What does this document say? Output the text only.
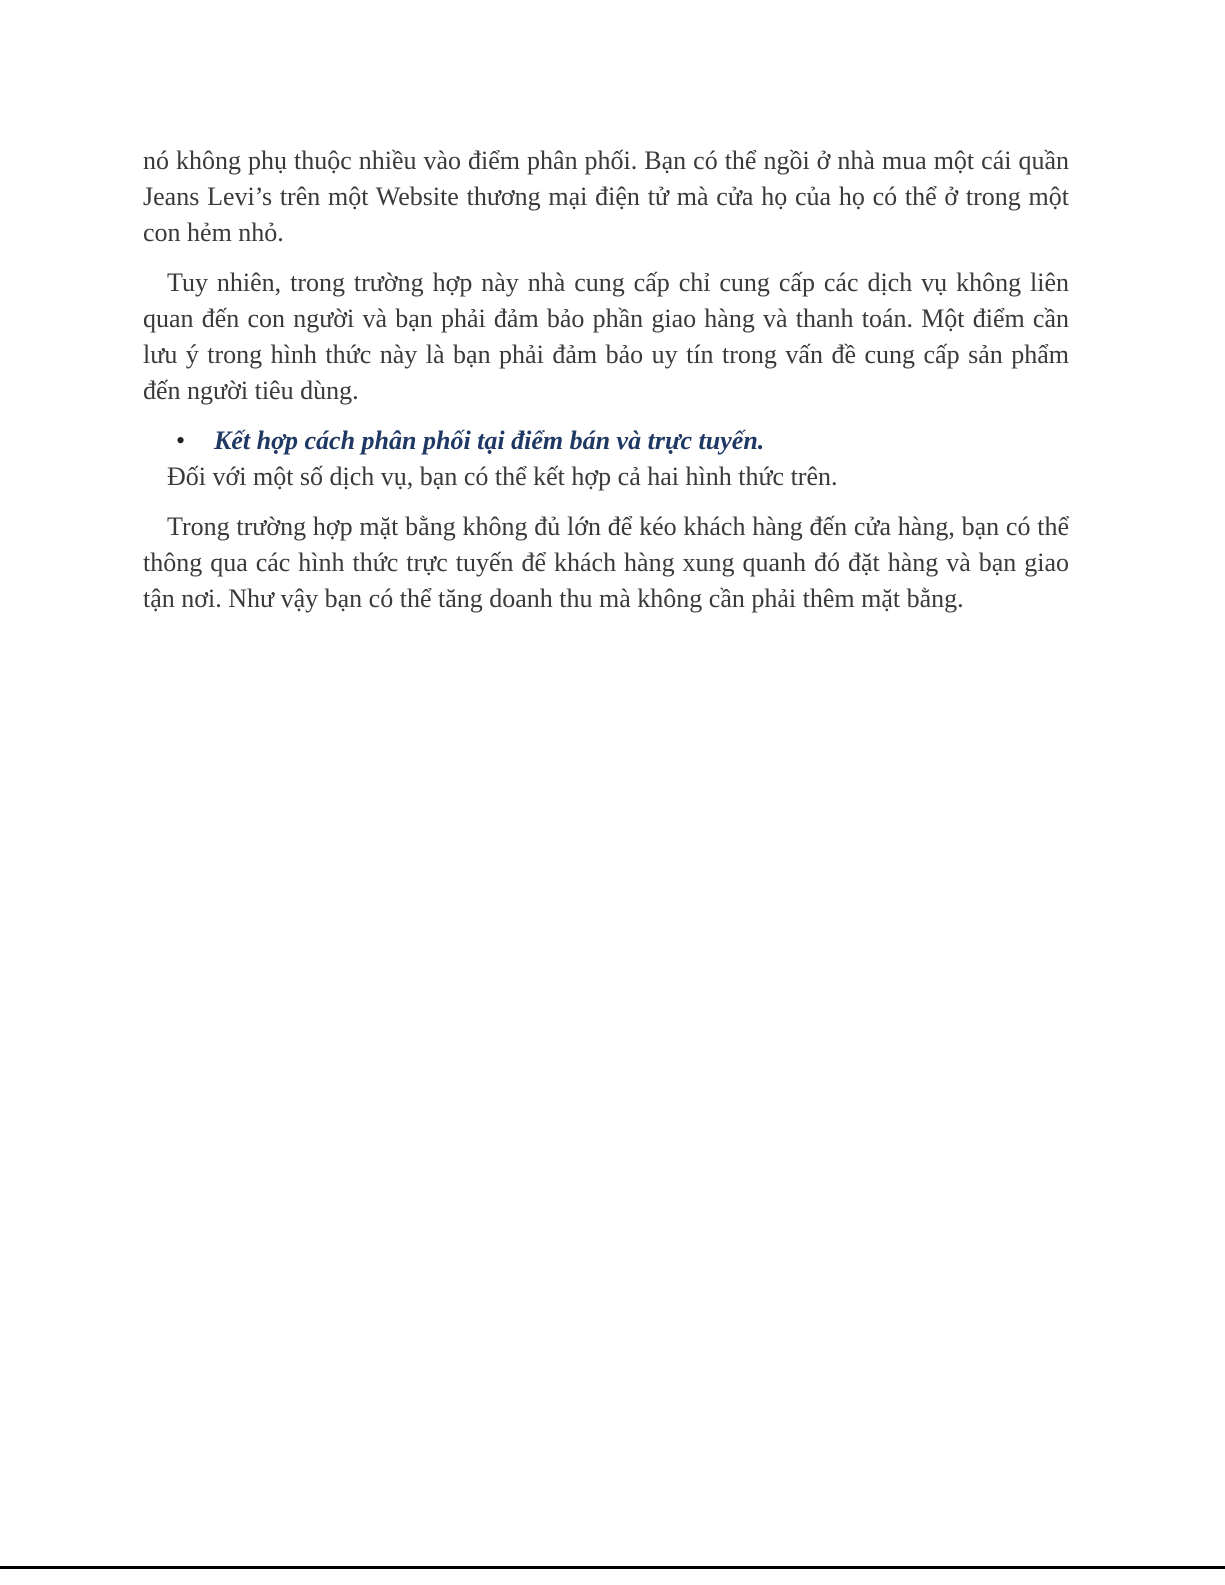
nó không phụ thuộc nhiều vào điểm phân phối. Bạn có thể ngồi ở nhà mua một cái quần Jeans Levi’s trên một Website thương mại điện tử mà cửa họ của họ có thể ở trong một con hẻm nhỏ.

Tuy nhiên, trong trường hợp này nhà cung cấp chỉ cung cấp các dịch vụ không liên quan đến con người và bạn phải đảm bảo phần giao hàng và thanh toán. Một điểm cần lưu ý trong hình thức này là bạn phải đảm bảo uy tín trong vấn đề cung cấp sản phẩm đến người tiêu dùng.

• Kết hợp cách phân phối tại điểm bán và trực tuyến.

Đối với một số dịch vụ, bạn có thể kết hợp cả hai hình thức trên.

Trong trường hợp mặt bằng không đủ lớn để kéo khách hàng đến cửa hàng, bạn có thể thông qua các hình thức trực tuyến để khách hàng xung quanh đó đặt hàng và bạn giao tận nơi. Như vậy bạn có thể tăng doanh thu mà không cần phải thêm mặt bằng.
